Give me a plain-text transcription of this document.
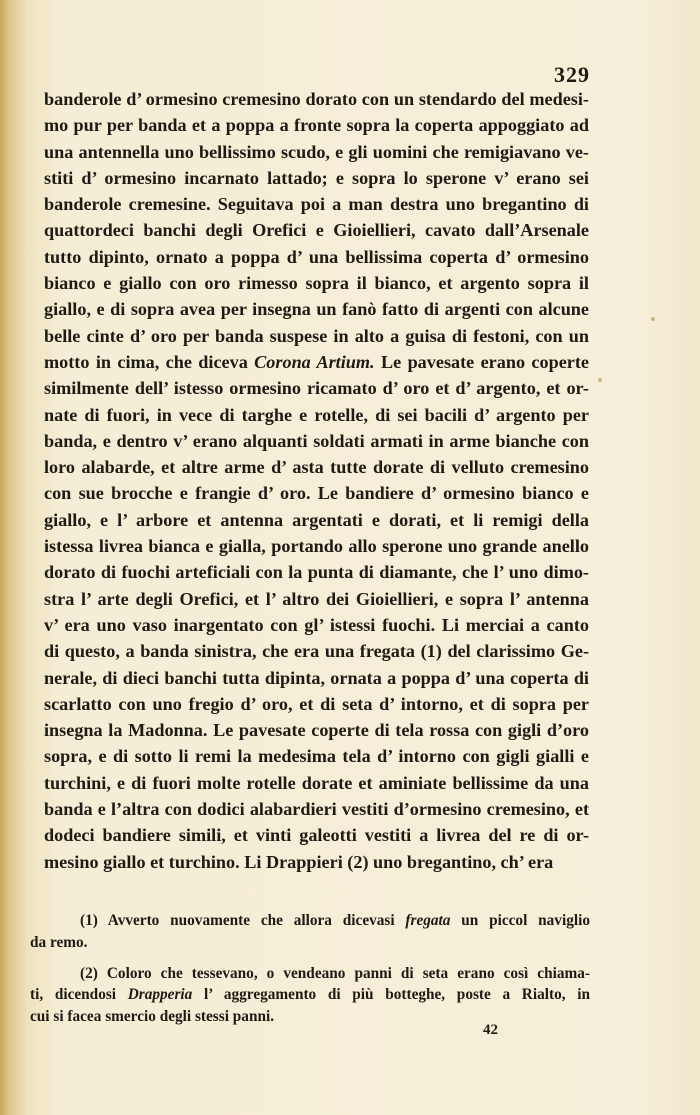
329
banderole d’ ormesino cremesino dorato con un stendardo del medesi-
mo pur per banda et a poppa a fronte sopra la coperta appoggiato ad
una antennella uno bellissimo scudo, e gli uomini che remigiavano ve-
stiti d’ ormesino incarnato lattado; e sopra lo sperone v’ erano sei
banderole cremesine. Seguitava poi a man destra uno bregantino di
quattordeci banchi degli Orefici e Gioiellieri, cavato dall’Arsenale
tutto dipinto, ornato a poppa d’ una bellissima coperta d’ ormesino
bianco e giallo con oro rimesso sopra il bianco, et argento sopra il
giallo, e di sopra avea per insegna un fanò fatto di argenti con alcune
belle cinte d’ oro per banda suspese in alto a guisa di festoni, con un
motto in cima, che diceva Corona Artium. Le pavesate erano coperte
similmente dell’ istesso ormesino ricamato d’ oro et d’ argento, et or-
nate di fuori, in vece di targhe e rotelle, di sei bacili d’ argento per
banda, e dentro v’ erano alquanti soldati armati in arme bianche con
loro alabarde, et altre arme d’ asta tutte dorate di velluto cremesino
con sue brocche e frangie d’ oro. Le bandiere d’ ormesino bianco e
giallo, e l’ arbore et antenna argentati e dorati, et li remigi della
istessa livrea bianca e gialla, portando allo sperone uno grande anello
dorato di fuochi arteficiali con la punta di diamante, che l’ uno dimo-
stra l’ arte degli Orefici, et l’ altro dei Gioiellieri, e sopra l’ antenna
v’ era uno vaso inargentato con gl’ istessi fuochi. Li merciai a canto
di questo, a banda sinistra, che era una fregata (1) del clarissimo Ge-
nerale, di dieci banchi tutta dipinta, ornata a poppa d’ una coperta di
scarlatto con uno fregio d’ oro, et di seta d’ intorno, et di sopra per
insegna la Madonna. Le pavesate coperte di tela rossa con gigli d’oro
sopra, e di sotto li remi la medesima tela d’ intorno con gigli gialli e
turchini, e di fuori molte rotelle dorate et aminiate bellissime da una
banda e l’altra con dodici alabardieri vestiti d’ormesino cremesino, et
dodeci bandiere simili, et vinti galeotti vestiti a livrea del re di or-
mesino giallo et turchino. Li Drappieri (2) uno bregantino, ch’ era
(1) Avverto nuovamente che allora dicevasi fregata un piccol naviglio
da remo.
(2) Coloro che tessevano, o vendeano panni di seta erano così chiama-
ti, dicendosi Drapperia l’ aggregamento di più botteghe, poste a Rialto, in
cui si facea smercio degli stessi panni.
42
